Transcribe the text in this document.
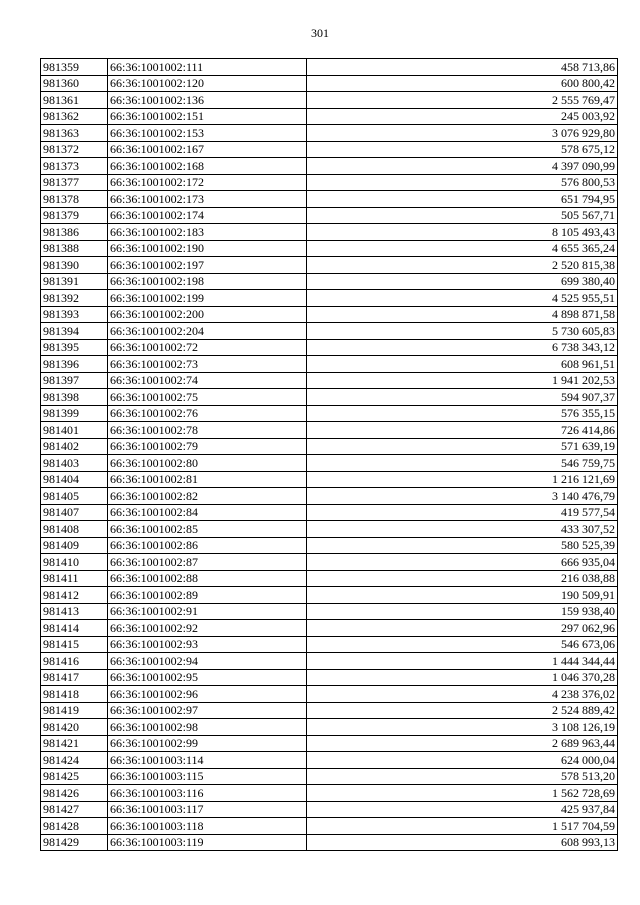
301
981359	66:36:1001002:111	458 713,86
981360	66:36:1001002:120	600 800,42
981361	66:36:1001002:136	2 555 769,47
981362	66:36:1001002:151	245 003,92
981363	66:36:1001002:153	3 076 929,80
981372	66:36:1001002:167	578 675,12
981373	66:36:1001002:168	4 397 090,99
981377	66:36:1001002:172	576 800,53
981378	66:36:1001002:173	651 794,95
981379	66:36:1001002:174	505 567,71
981386	66:36:1001002:183	8 105 493,43
981388	66:36:1001002:190	4 655 365,24
981390	66:36:1001002:197	2 520 815,38
981391	66:36:1001002:198	699 380,40
981392	66:36:1001002:199	4 525 955,51
981393	66:36:1001002:200	4 898 871,58
981394	66:36:1001002:204	5 730 605,83
981395	66:36:1001002:72	6 738 343,12
981396	66:36:1001002:73	608 961,51
981397	66:36:1001002:74	1 941 202,53
981398	66:36:1001002:75	594 907,37
981399	66:36:1001002:76	576 355,15
981401	66:36:1001002:78	726 414,86
981402	66:36:1001002:79	571 639,19
981403	66:36:1001002:80	546 759,75
981404	66:36:1001002:81	1 216 121,69
981405	66:36:1001002:82	3 140 476,79
981407	66:36:1001002:84	419 577,54
981408	66:36:1001002:85	433 307,52
981409	66:36:1001002:86	580 525,39
981410	66:36:1001002:87	666 935,04
981411	66:36:1001002:88	216 038,88
981412	66:36:1001002:89	190 509,91
981413	66:36:1001002:91	159 938,40
981414	66:36:1001002:92	297 062,96
981415	66:36:1001002:93	546 673,06
981416	66:36:1001002:94	1 444 344,44
981417	66:36:1001002:95	1 046 370,28
981418	66:36:1001002:96	4 238 376,02
981419	66:36:1001002:97	2 524 889,42
981420	66:36:1001002:98	3 108 126,19
981421	66:36:1001002:99	2 689 963,44
981424	66:36:1001003:114	624 000,04
981425	66:36:1001003:115	578 513,20
981426	66:36:1001003:116	1 562 728,69
981427	66:36:1001003:117	425 937,84
981428	66:36:1001003:118	1 517 704,59
981429	66:36:1001003:119	608 993,13
